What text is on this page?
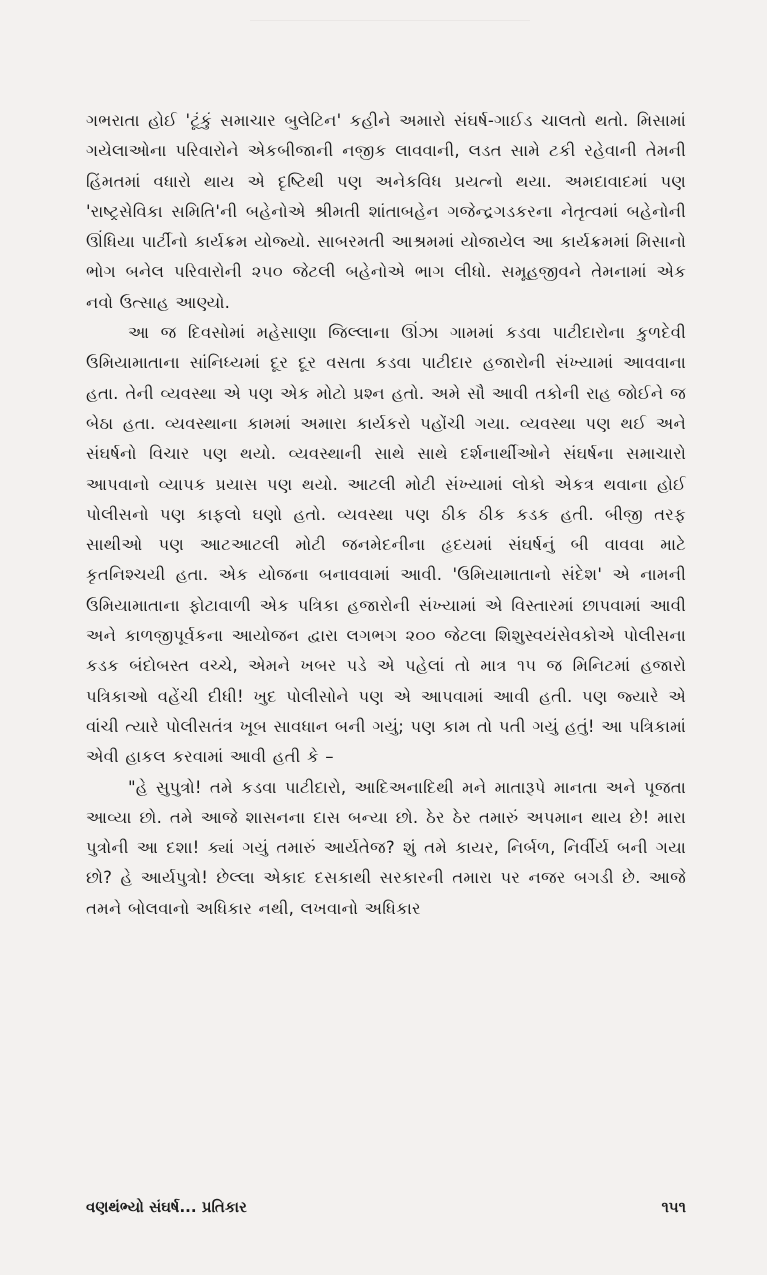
ગભરાતા હોઈ 'ટૂંકું સમાચાર બુલેટિન' કહીને અમારો સંઘર્ષ-ગાઈડ ચાલતો થતો. મિસામાં ગયેલાઓના પરિવારોને એકબીજાની નજીક લાવવાની, લડત સામે ટકી રહેવાની તેમની હિંમતમાં વધારો થાય એ દૃષ્ટિથી પણ અનેકવિધ પ્રયત્નો થયા. અમદાવાદમાં પણ 'રાષ્ટ્રસેવિકા સમિતિ'ની બહેનોએ શ્રીમતી શાંતાબહેન ગજેન્દ્રગડકરના નેતૃત્વમાં બહેનોની ઊંધિયા પાર્ટીનો કાર્યક્રમ યોજ્યો. સાબરમતી આશ્રમમાં યોજાયેલ આ કાર્યક્રમમાં મિસાનો ભોગ બનેલ પરિવારોની ૨૫૦ જેટલી બહેનોએ ભાગ લીધો. સમૂહજીવને તેમનામાં એક નવો ઉત્સાહ આણ્યો.

આ જ દિવસોમાં મહેસાણા જિલ્લાના ઊંઝા ગામમાં કડવા પાટીદારોના કુળદેવી ઉમિયામાતાના સાંનિધ્યમાં દૂર દૂર વસતા કડવા પાટીદાર હજારોની સંખ્યામાં આવવાના હતા. તેની વ્યવસ્થા એ પણ એક મોટો પ્રશ્ન હતો. અમે સૌ આવી તકોની રાહ જોઈને જ બેઠા હતા. વ્યવસ્થાના કામમાં અમારા કાર્યકરો પહોંચી ગયા. વ્યવસ્થા પણ થઈ અને સંઘર્ષનો વિચાર પણ થયો. વ્યવસ્થાની સાથે સાથે દર્શનાર્થીઓને સંઘર્ષના સમાચારો આપવાનો વ્યાપક પ્રયાસ પણ થયો. આટલી મોટી સંખ્યામાં લોકો એકત્ર થવાના હોઈ પોલીસનો પણ કાફલો ઘણો હતો. વ્યવસ્થા પણ ઠીક ઠીક કડક હતી. બીજી તરફ સાથીઓ પણ આટઆટલી મોટી જનમેદનીના હૃદયમાં સંઘર્ષનું બી વાવવા માટે કૃતનિશ્ચયી હતા. એક યોજના બનાવવામાં આવી. 'ઉમિયામાતાનો સંદેશ' એ નામની ઉમિયામાતાના ફોટાવાળી એક પત્રિકા હજારોની સંખ્યામાં એ વિસ્તારમાં છાપવામાં આવી અને કાળજીપૂર્વકના આયોજન દ્વારા લગભગ ૨૦૦ જેટલા શિશુસ્વયંસેવકોએ પોલીસના કડક બંદોબસ્ત વચ્ચે, એમને ખબર પડે એ પહેલાં તો માત્ર ૧૫ જ મિનિટમાં હજારો પત્રિકાઓ વહેંચી દીધી! ખુદ પોલીસોને પણ એ આપવામાં આવી હતી. પણ જ્યારે એ વાંચી ત્યારે પોલીસતંત્ર ખૂબ સાવધાન બની ગયું; પણ કામ તો પતી ગયું હતું! આ પત્રિકામાં એવી હાકલ કરવામાં આવી હતી કે –

"હે સુપુત્રો! તમે કડવા પાટીદારો, આદિઅનાદિથી મને માતારૂપે માનતા અને પૂજતા આવ્યા છો. તમે આજે શાસનના દાસ બન્યા છો. ઠેર ઠેર તમારું અપમાન થાય છે! મારા પુત્રોની આ દશા! ક્યાં ગયું તમારું આર્યતેજ? શું તમે કાયર, નિર્બળ, નિર્વીર્ય બની ગયા છો? હે આર્યપુત્રો! છેલ્લા એકાદ દસકાથી સરકારની તમારા પર નજર બગડી છે. આજે તમને બોલવાનો અધિકાર નથી, લખવાનો અધિકાર

વણથંભ્યો સંઘર્ષ... પ્રતિકાર	૧૫૧
